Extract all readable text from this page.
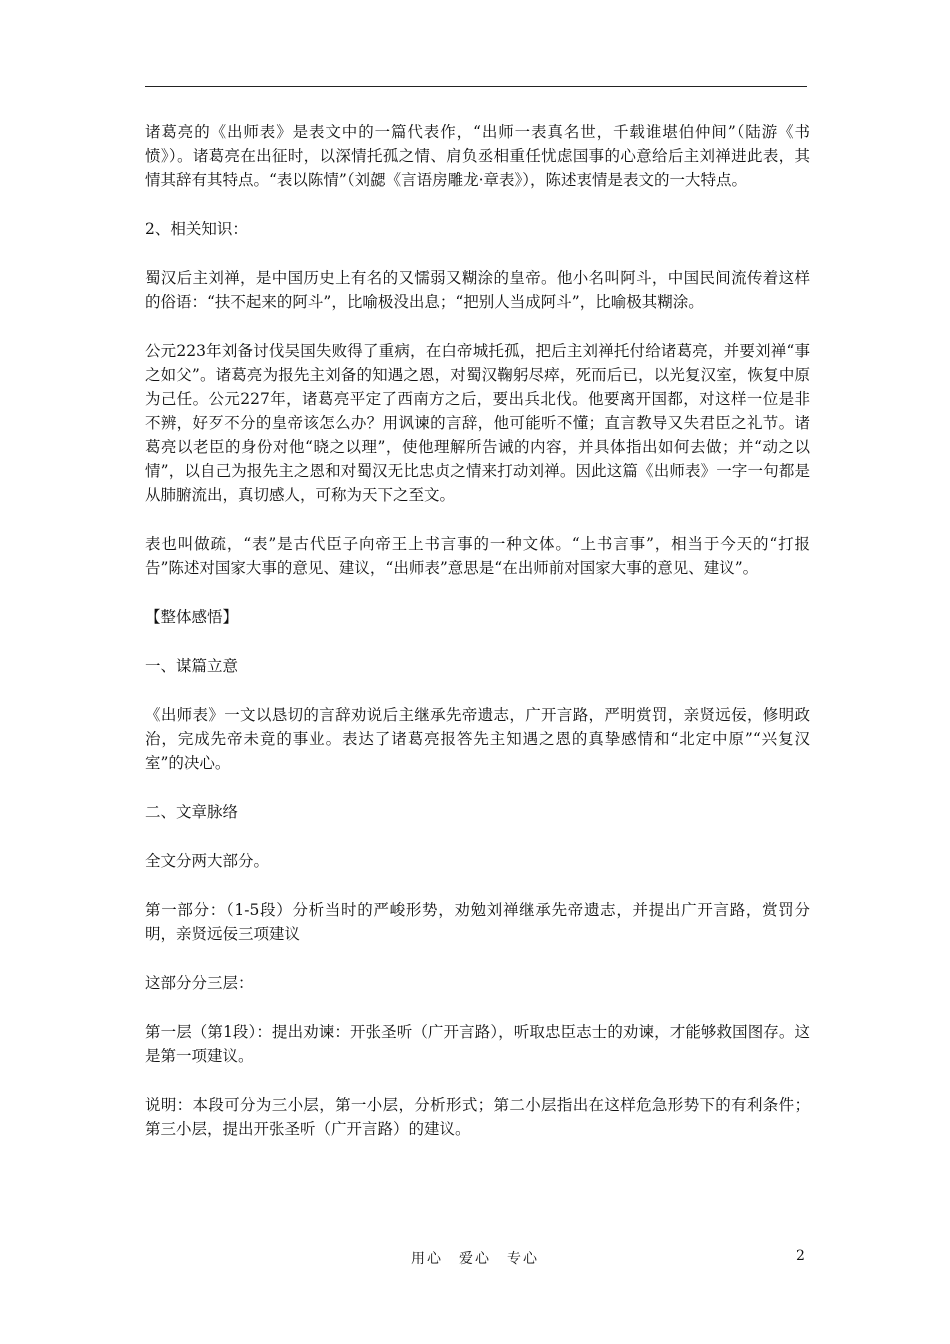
诸葛亮的《出师表》是表文中的一篇代表作，“出师一表真名世，千载谁堪伯仲间”（陆游《书愤》）。诸葛亮在出征时，以深情托孤之情、肩负丞相重任忧虑国事的心意给后主刘禅进此表，其情其辞有其特点。“表以陈情”（刘勰《言语房雕龙·章表》），陈述衷情是表文的一大特点。

2、相关知识：

蜀汉后主刘禅，是中国历史上有名的又懦弱又糊涂的皇帝。他小名叫阿斗，中国民间流传着这样的俗语：“扶不起来的阿斗”，比喻极没出息；“把别人当成阿斗”，比喻极其糊涂。

公元223年刘备讨伐吴国失败得了重病，在白帝城托孤，把后主刘禅托付给诸葛亮，并要刘禅“事之如父”。诸葛亮为报先主刘备的知遇之恩，对蜀汉鞠躬尽瘁，死而后已，以光复汉室，恢复中原为己任。公元227年，诸葛亮平定了西南方之后，要出兵北伐。他要离开国都，对这样一位是非不辨，好歹不分的皇帝该怎么办？用讽谏的言辞，他可能听不懂；直言教导又失君臣之礼节。诸葛亮以老臣的身份对他“晓之以理”，使他理解所告诫的内容，并具体指出如何去做；并“动之以情”，以自己为报先主之恩和对蜀汉无比忠贞之情来打动刘禅。因此这篇《出师表》一字一句都是从肺腑流出，真切感人，可称为天下之至文。

表也叫做疏，“表”是古代臣子向帝王上书言事的一种文体。“上书言事”，相当于今天的“打报告”陈述对国家大事的意见、建议，“出师表”意思是“在出师前对国家大事的意见、建议”。

【整体感悟】

一、谋篇立意

《出师表》一文以恳切的言辞劝说后主继承先帝遗志，广开言路，严明赏罚，亲贤远佞，修明政治，完成先帝未竟的事业。表达了诸葛亮报答先主知遇之恩的真挚感情和“北定中原”“兴复汉室”的决心。

二、文章脉络

全文分两大部分。

第一部分：（1-5段）分析当时的严峻形势，劝勉刘禅继承先帝遗志，并提出广开言路，赏罚分明，亲贤远佞三项建议

这部分分三层：

第一层（第1段）：提出劝谏：开张圣听（广开言路），听取忠臣志士的劝谏，才能够救国图存。这是第一项建议。

说明：本段可分为三小层，第一小层，分析形式；第二小层指出在这样危急形势下的有利条件；第三小层，提出开张圣听（广开言路）的建议。

用心　爱心　专心	2
